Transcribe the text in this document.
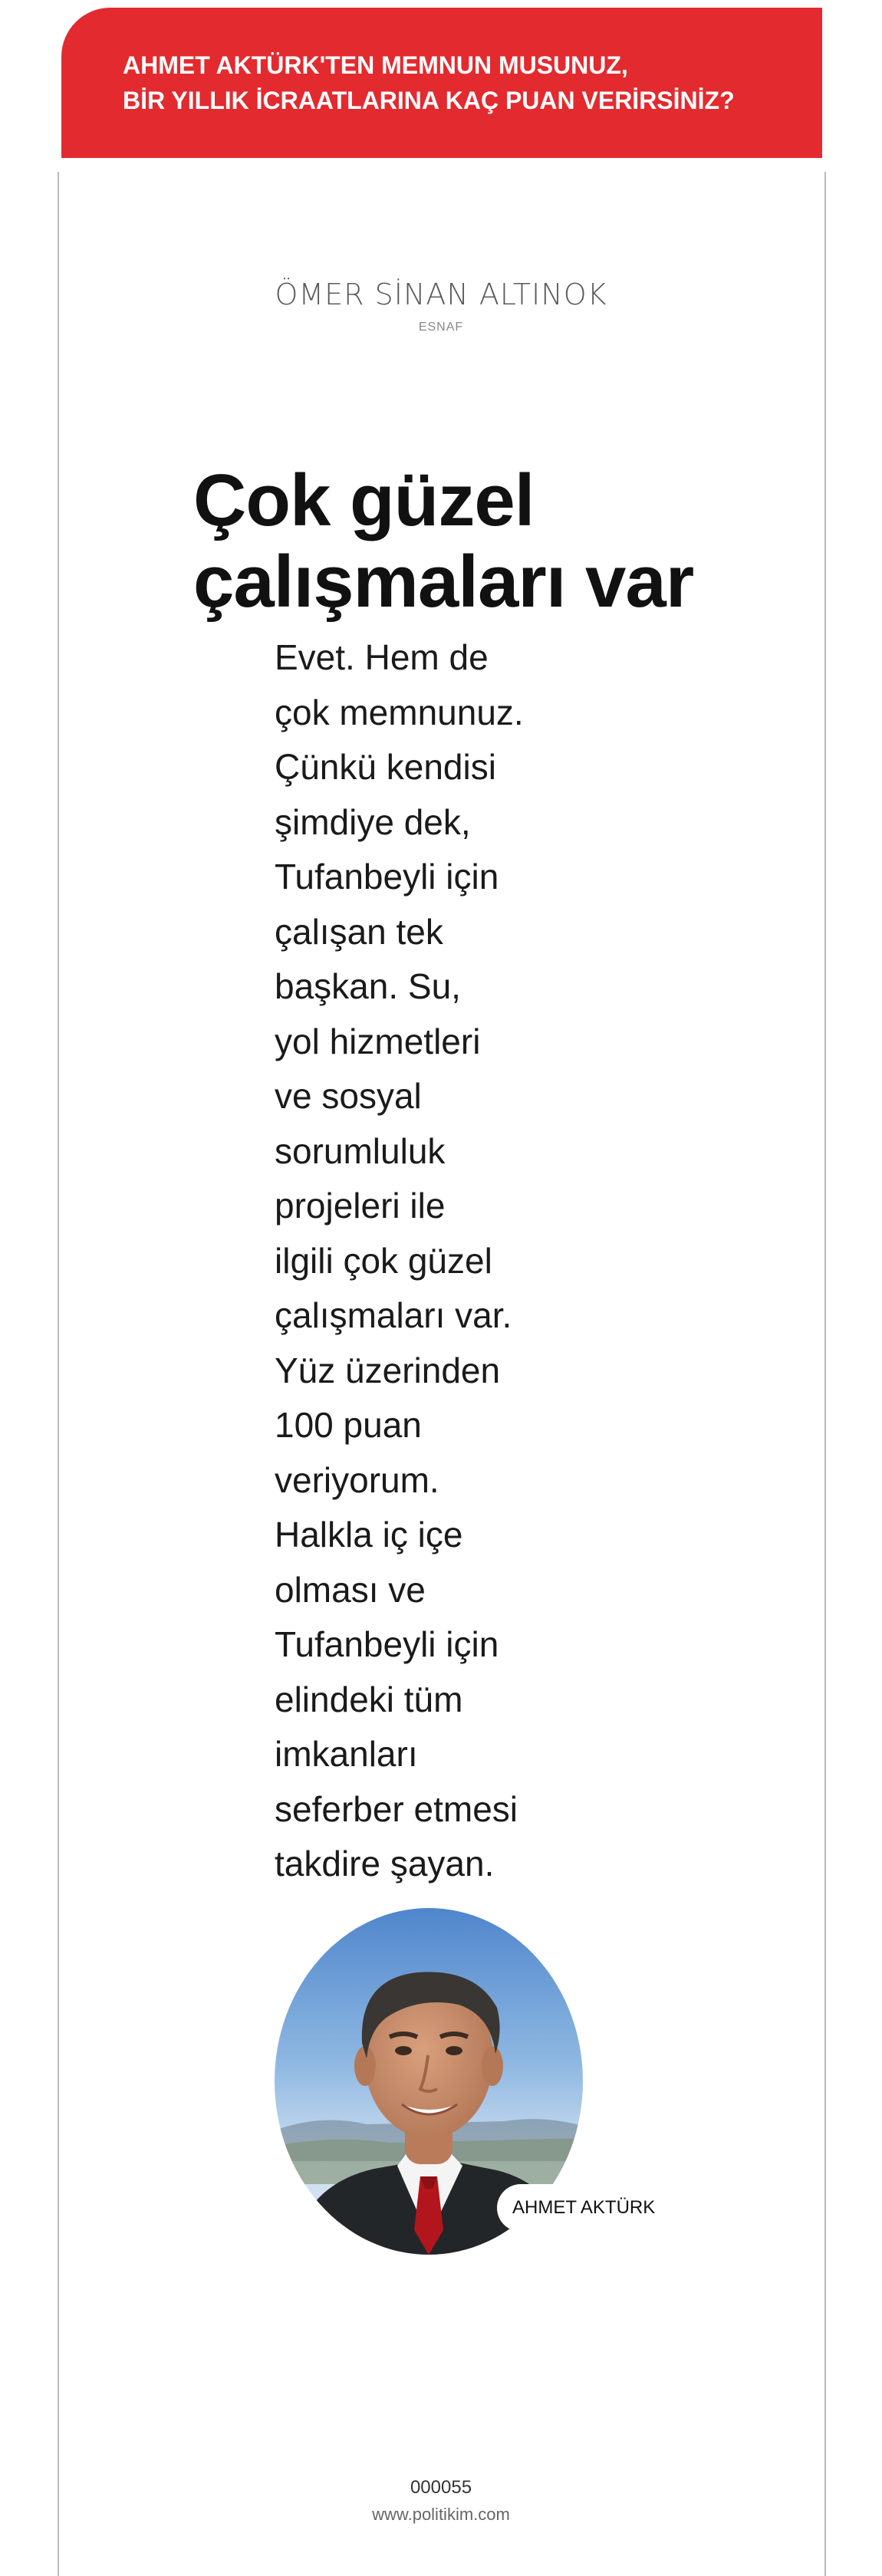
AHMET AKTÜRK'TEN MEMNUN MUSUNUZ,
BİR YILLIK İCRAATLARINA KAÇ PUAN VERİRSİNİZ?
ÖMER SİNAN ALTINOK
ESNAF
Çok güzel
çalışmaları var
Evet. Hem de
çok memnunuz.
Çünkü kendisi
şimdiye dek,
Tufanbeyli için
çalışan tek
başkan. Su,
yol hizmetleri
ve sosyal
sorumluluk
projeleri ile
ilgili çok güzel
çalışmaları var.
Yüz üzerinden
100 puan
veriyorum.
Halkla iç içe
olması ve
Tufanbeyli için
elindeki tüm
imkanları
seferber etmesi
takdire şayan.
AHMET AKTÜRK
000055
www.politikim.com
